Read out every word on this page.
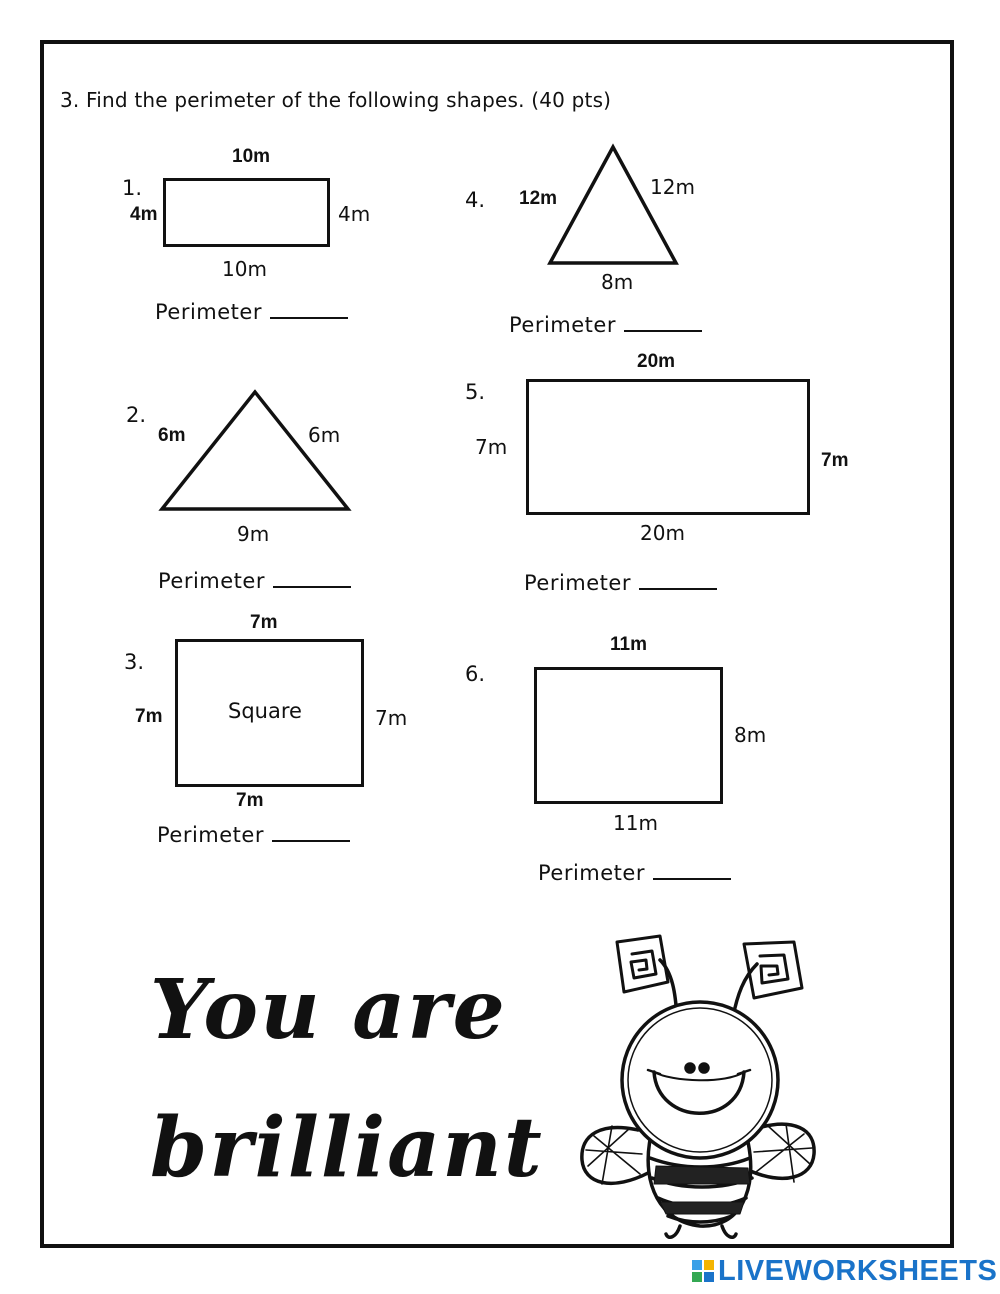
3. Find the perimeter of the following shapes. (40 pts)
1.
10m
4m	4m
10m
Perimeter
2.
6m	6m
9m
Perimeter
3.
7m
7m	Square	7m
7m
Perimeter
4. 12m	12m
8m
Perimeter
5.
20m
7m
7m
20m
Perimeter
6.
11m
8m
11m
Perimeter
You are
brilliant
LIVEWORKSHEETS
